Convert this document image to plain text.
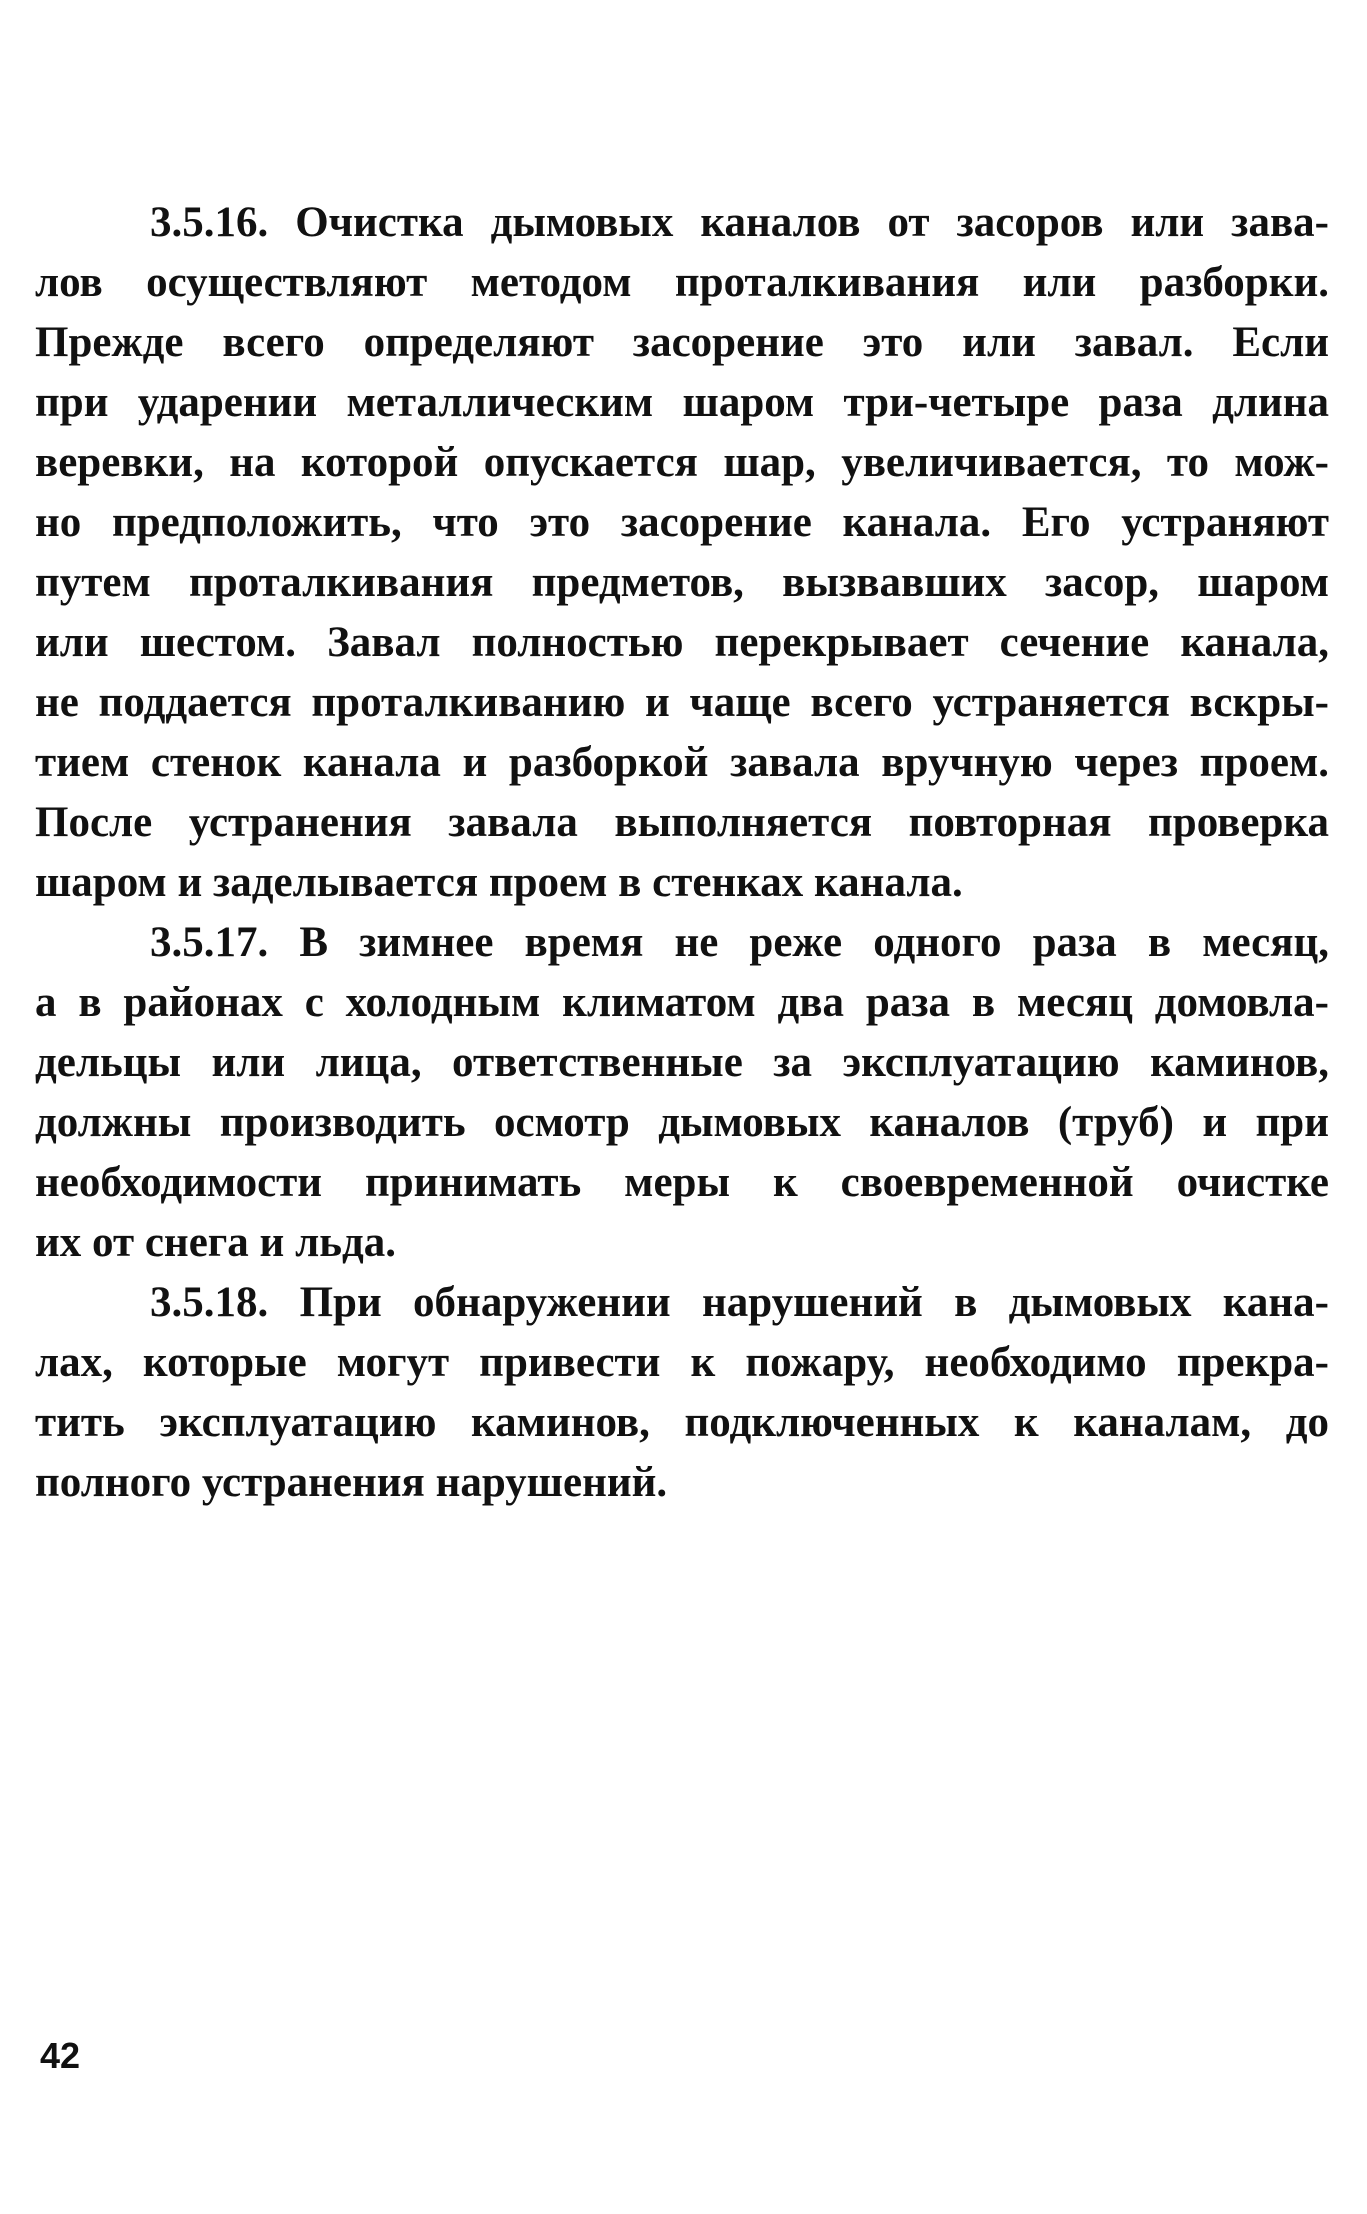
3.5.16. Очистка дымовых каналов от засоров или зава-
лов осуществляют методом проталкивания или разборки.
Прежде всего определяют засорение это или завал. Если
при ударении металлическим шаром три-четыре раза длина
веревки, на которой опускается шар, увеличивается, то мож-
но предположить, что это засорение канала. Его устраняют
путем проталкивания предметов, вызвавших засор, шаром
или шестом. Завал полностью перекрывает сечение канала,
не поддается проталкиванию и чаще всего устраняется вскры-
тием стенок канала и разборкой завала вручную через проем.
После устранения завала выполняется повторная проверка
шаром и заделывается проем в стенках канала.
3.5.17. В зимнее время не реже одного раза в месяц,
а в районах с холодным климатом два раза в месяц домовла-
дельцы или лица, ответственные за эксплуатацию каминов,
должны производить осмотр дымовых каналов (труб) и при
необходимости принимать меры к своевременной очистке
их от снега и льда.
3.5.18. При обнаружении нарушений в дымовых кана-
лах, которые могут привести к пожару, необходимо прекра-
тить эксплуатацию каминов, подключенных к каналам, до
полного устранения нарушений.
42
